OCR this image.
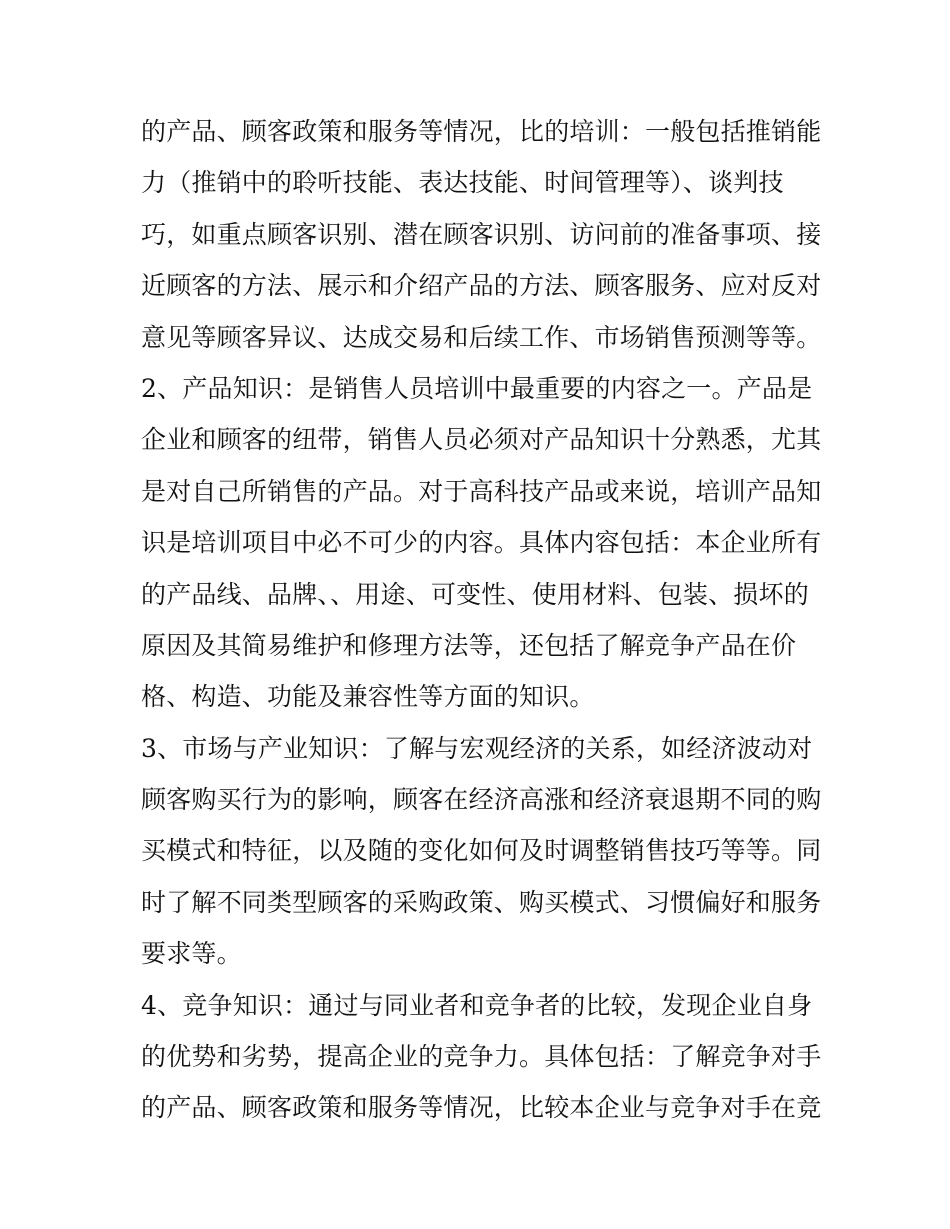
的产品、顾客政策和服务等情况，比的培训：一般包括推销能
力（推销中的聆听技能、表达技能、时间管理等）、谈判技
巧，如重点顾客识别、潜在顾客识别、访问前的准备事项、接
近顾客的方法、展示和介绍产品的方法、顾客服务、应对反对
意见等顾客异议、达成交易和后续工作、市场销售预测等等。
2、产品知识：是销售人员培训中最重要的内容之一。产品是
企业和顾客的纽带，销售人员必须对产品知识十分熟悉，尤其
是对自己所销售的产品。对于高科技产品或来说，培训产品知
识是培训项目中必不可少的内容。具体内容包括：本企业所有
的产品线、品牌、、用途、可变性、使用材料、包装、损坏的
原因及其简易维护和修理方法等，还包括了解竞争产品在价
格、构造、功能及兼容性等方面的知识。
3、市场与产业知识：了解与宏观经济的关系，如经济波动对
顾客购买行为的影响，顾客在经济高涨和经济衰退期不同的购
买模式和特征，以及随的变化如何及时调整销售技巧等等。同
时了解不同类型顾客的采购政策、购买模式、习惯偏好和服务
要求等。
4、竞争知识：通过与同业者和竞争者的比较，发现企业自身
的优势和劣势，提高企业的竞争力。具体包括：了解竞争对手
的产品、顾客政策和服务等情况，比较本企业与竞争对手在竞
